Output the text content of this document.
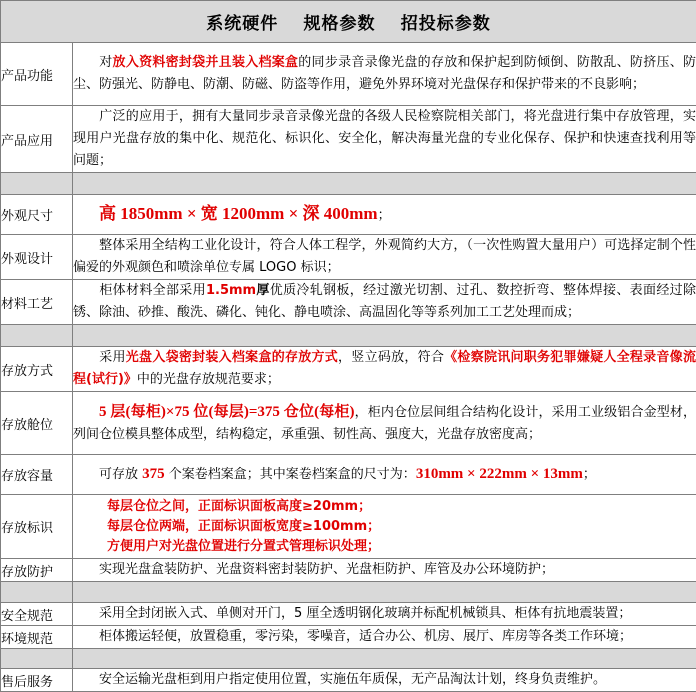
系统硬件 规格参数 招投标参数	
产品功能	对放入资料密封袋并且装入档案盒的同步录音录像光盘的存放和保护起到防倾倒、防散乱、防挤压、防尘、防强光、防静电、防潮、防磁、防盗等作用，避免外界环境对光盘保存和保护带来的不良影响；
产品应用	广泛的应用于，拥有大量同步录音录像光盘的各级人民检察院相关部门，将光盘进行集中存放管理，实现用户光盘存放的集中化、规范化、标识化、安全化，解决海量光盘的专业化保存、保护和快速查找利用等问题；

外观尺寸	高 1850mm × 宽 1200mm × 深 400mm；
外观设计	整体采用全结构工业化设计，符合人体工程学，外观简约大方，（一次性购置大量用户）可选择定制个性偏爱的外观颜色和喷涂单位专属 LOGO 标识；
材料工艺	柜体材料全部采用1.5mm厚优质冷轧钢板，经过激光切割、过孔、数控折弯、整体焊接、表面经过除锈、除油、砂推、酸洗、磷化、钝化、静电喷涂、高温固化等等系列加工工艺处理而成；

存放方式	采用光盘入袋密封装入档案盒的存放方式，竖立码放，符合《检察院讯问职务犯罪嫌疑人全程录音像流程(试行)》中的光盘存放规范要求；
存放舱位	5 层(每柜)×75 位(每层)=375 仓位(每柜)，柜内仓位层间组合结构化设计，采用工业级铝合金型材，列间仓位模具整体成型，结构稳定，承重强、韧性高、强度大，光盘存放密度高；
存放容量	可存放 375 个案卷档案盒；其中案卷档案盒的尺寸为：310mm × 222mm × 13mm；
存放标识	每层仓位之间，正面标识面板高度≥20mm；
每层仓位两端，正面标识面板宽度≥100mm；
方便用户对光盘位置进行分置式管理标识处理；

存放防护	实现光盘盒装防护、光盘资料密封装防护、光盘柜防护、库管及办公环境防护；

安全规范	采用全封闭嵌入式、单侧对开门，5 厘全透明钢化玻璃并标配机械锁具、柜体有抗地震装置；
环境规范	柜体搬运轻便，放置稳重，零污染，零噪音，适合办公、机房、展厅、库房等各类工作环境；

售后服务	安全运输光盘柜到用户指定使用位置，实施伍年质保，无产品淘汰计划，终身负责维护。
